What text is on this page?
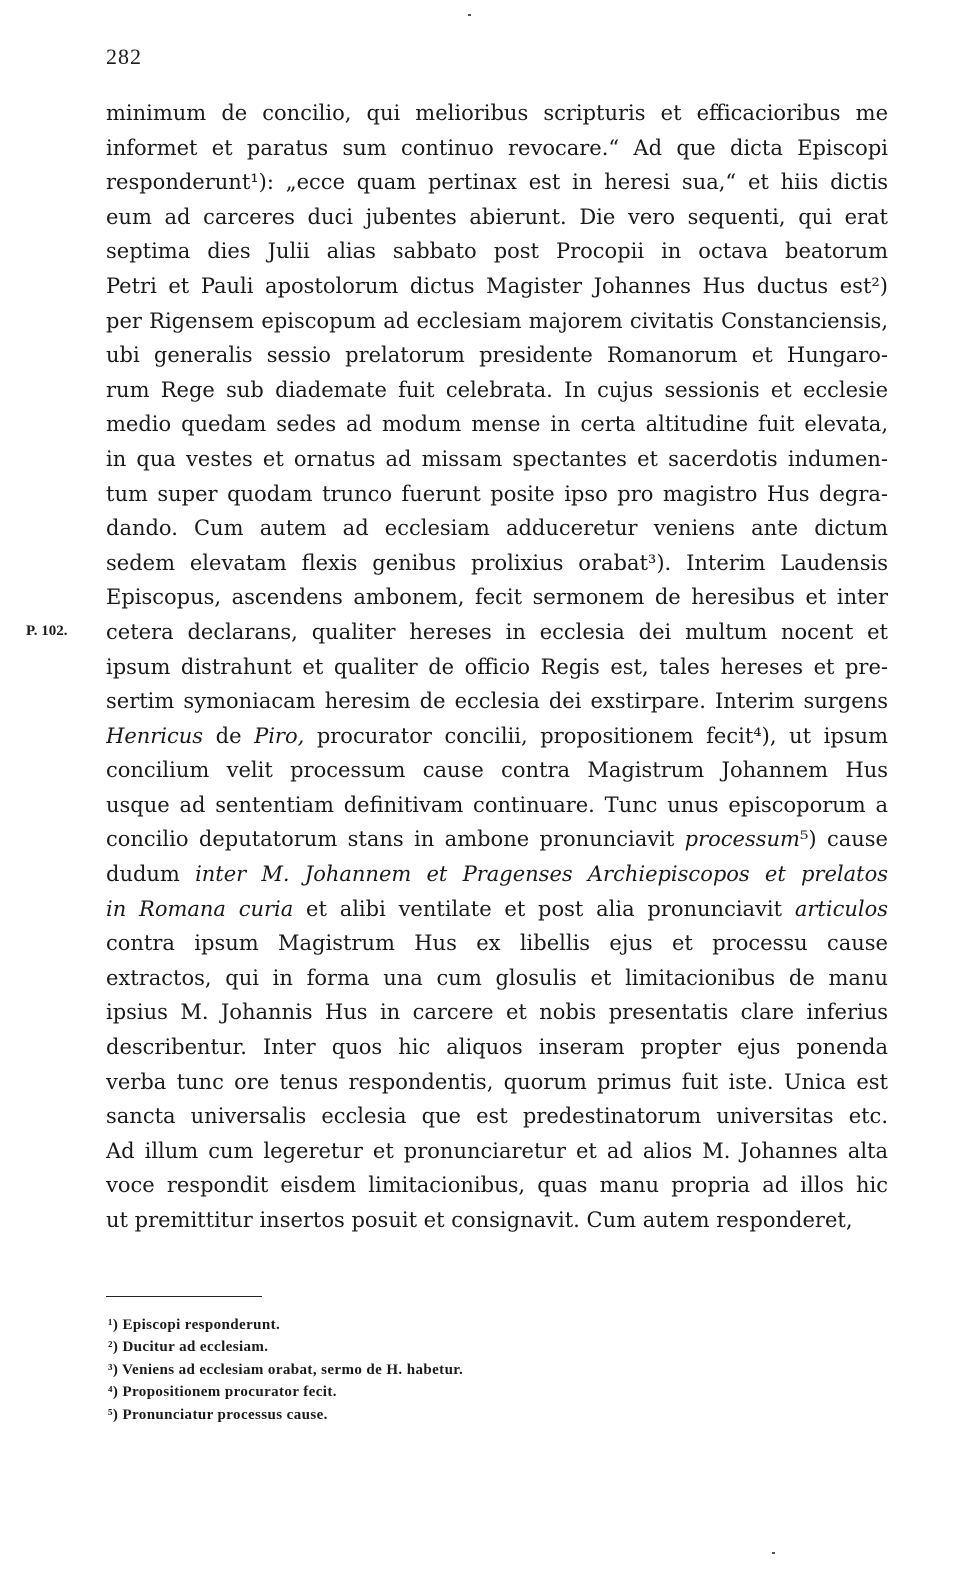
282
P. 102.
minimum de concilio, qui melioribus scripturis et efficacioribus me
informet et paratus sum continuo revocare.“ Ad que dicta Episcopi
responderunt¹): „ecce quam pertinax est in heresi sua,“ et hiis dictis
eum ad carceres duci jubentes abierunt. Die vero sequenti, qui erat
septima dies Julii alias sabbato post Procopii in octava beatorum
Petri et Pauli apostolorum dictus Magister Johannes Hus ductus est²)
per Rigensem episcopum ad ecclesiam majorem civitatis Constanciensis,
ubi generalis sessio prelatorum presidente Romanorum et Hungaro-
rum Rege sub diademate fuit celebrata. In cujus sessionis et ecclesie
medio quedam sedes ad modum mense in certa altitudine fuit elevata,
in qua vestes et ornatus ad missam spectantes et sacerdotis indumen-
tum super quodam trunco fuerunt posite ipso pro magistro Hus degra-
dando. Cum autem ad ecclesiam adduceretur veniens ante dictum
sedem elevatam flexis genibus prolixius orabat³). Interim Laudensis
Episcopus, ascendens ambonem, fecit sermonem de heresibus et inter
cetera declarans, qualiter hereses in ecclesia dei multum nocent et
ipsum distrahunt et qualiter de officio Regis est, tales hereses et pre-
sertim symoniacam heresim de ecclesia dei exstirpare. Interim surgens
Henricus de Piro, procurator concilii, propositionem fecit⁴), ut ipsum
concilium velit processum cause contra Magistrum Johannem Hus
usque ad sententiam definitivam continuare. Tunc unus episcoporum a
concilio deputatorum stans in ambone pronunciavit processum⁵) cause
dudum inter M. Johannem et Pragenses Archiepiscopos et prelatos
in Romana curia et alibi ventilate et post alia pronunciavit articulos
contra ipsum Magistrum Hus ex libellis ejus et processu cause
extractos, qui in forma una cum glosulis et limitacionibus de manu
ipsius M. Johannis Hus in carcere et nobis presentatis clare inferius
describentur. Inter quos hic aliquos inseram propter ejus ponenda
verba tunc ore tenus respondentis, quorum primus fuit iste. Unica est
sancta universalis ecclesia que est predestinatorum universitas etc.
Ad illum cum legeretur et pronunciaretur et ad alios M. Johannes alta
voce respondit eisdem limitacionibus, quas manu propria ad illos hic
ut premittitur insertos posuit et consignavit. Cum autem responderet,
¹) Episcopi responderunt.
²) Ducitur ad ecclesiam.
³) Veniens ad ecclesiam orabat, sermo de H. habetur.
⁴) Propositionem procurator fecit.
⁵) Pronunciatur processus cause.
